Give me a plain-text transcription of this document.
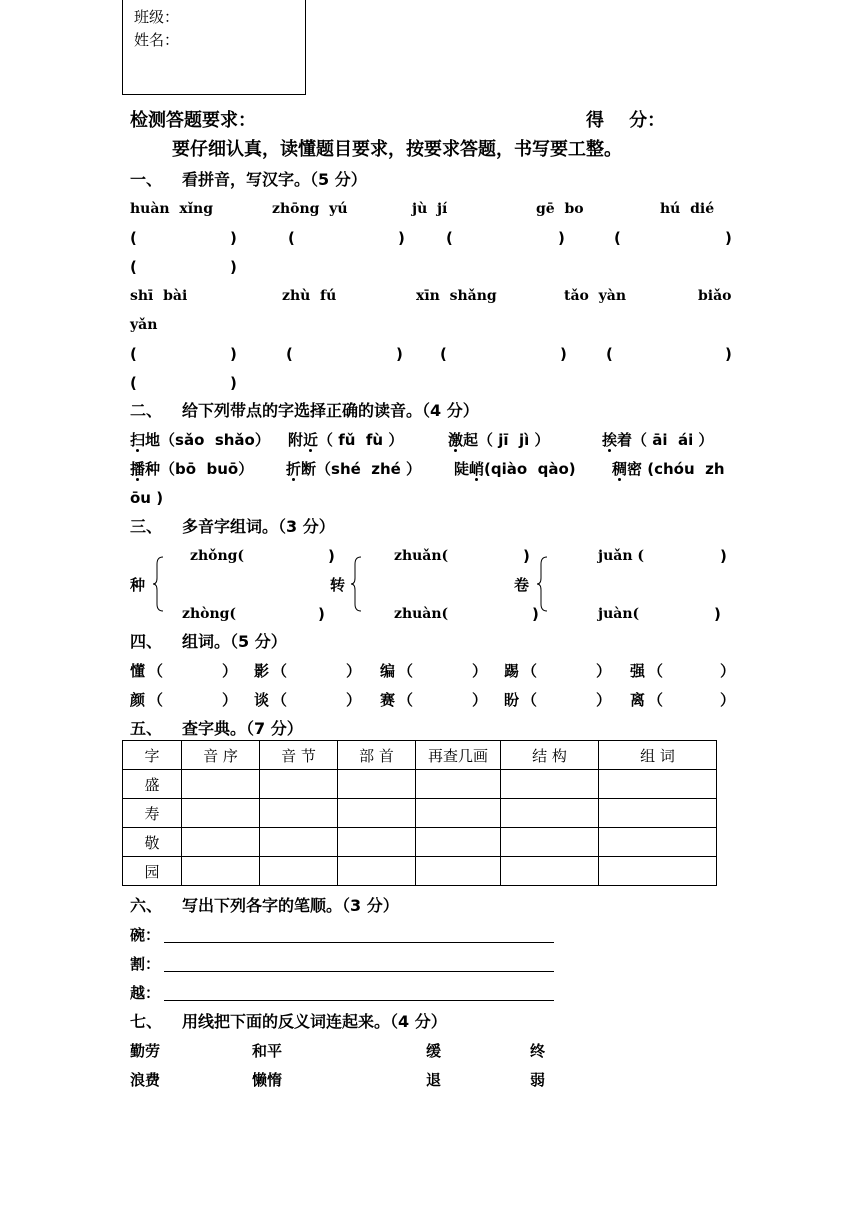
班级：
姓名：
检测答题要求：	得    分：
要仔细认真，读懂题目要求，按要求答题，书写要工整。
一、 看拼音，写汉字。（5 分）
huàn  xǐng	zhōng  yú	jù  jí	gē  bo	hú  dié
(	)	(	)	(	)	(	)
(	)
shī  bài	zhù  fú	xīn  shǎng	tǎo  yàn	biǎo
yǎn
(	)	(	) (	)	(	)
(	)
二、 给下列带点的字选择正确的读音。（4 分）
扫地（sǎo  shǎo） 附近（ fǔ  fù ）	激起（ jī  jì ）	挨着（ āi  ái ）
播种（bō  buō） 折断（shé  zhé ） 陡峭(qiào  qào) 稠密 (chóu  zh
ōu )
三、 多音字组词。（3 分）
种
zhǒng(	)
zhòng(	)
转
zhuǎn(	)
zhuàn(	)
卷
juǎn (	)
juàn(	)
四、 组词。（5 分）
懂 （	） 影 （	） 编 （	） 踢 （	） 强 （	）
颜 （	） 谈 （	） 赛 （	） 盼 （	） 离 （	）
五、 查字典。（7 分）
字	音 序	音 节	部 首	再查几画	结 构	组 词
盛						
寿						
敬						
园						
六、 写出下列各字的笔顺。（3 分）
碗：
割：
越：
七、 用线把下面的反义词连起来。（4 分）
勤劳	和平	缓	终
浪费	懒惰	退	弱
